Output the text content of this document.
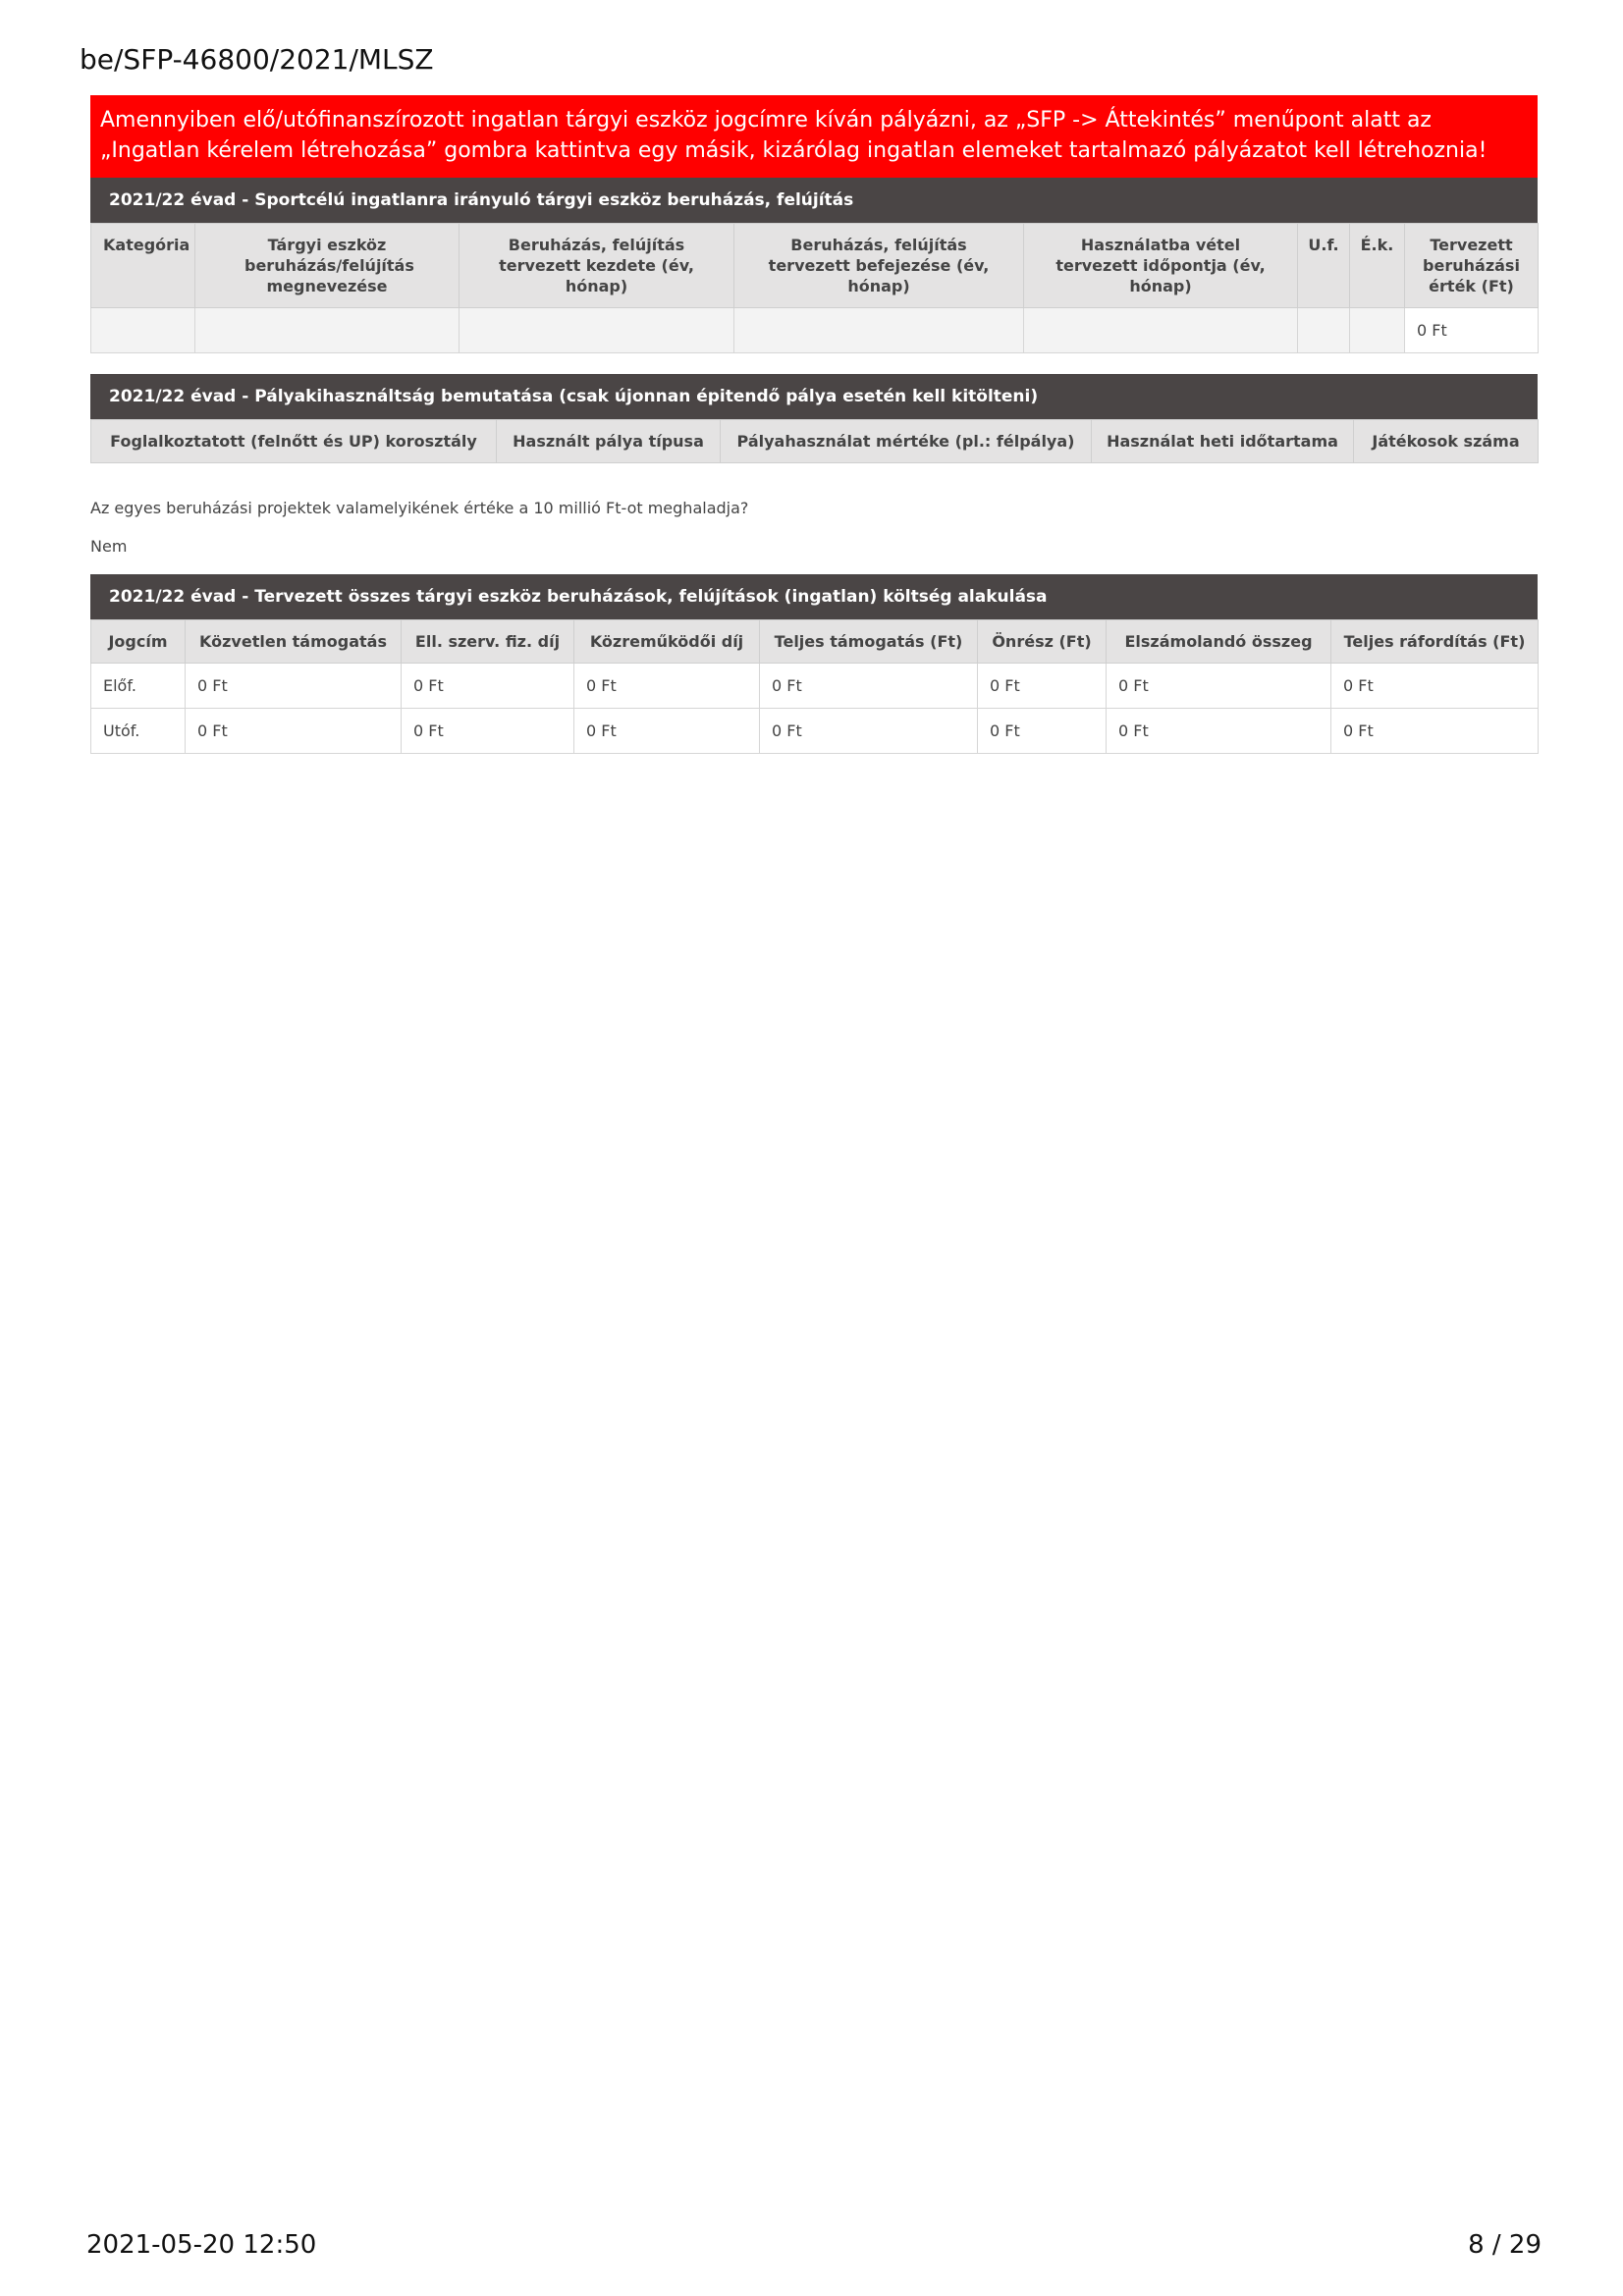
be/SFP-46800/2021/MLSZ
Amennyiben elő/utófinanszírozott ingatlan tárgyi eszköz jogcímre kíván pályázni, az „SFP -> Áttekintés” menűpont alatt az „Ingatlan kérelem létrehozása” gombra kattintva egy másik, kizárólag ingatlan elemeket tartalmazó pályázatot kell létrehoznia!
2021/22 évad - Sportcélú ingatlanra irányuló tárgyi eszköz beruházás, felújítás
Kategória	Tárgyi eszköz beruházás/felújítás megnevezése	Beruházás, felújítás tervezett kezdete (év, hónap)	Beruházás, felújítás tervezett befejezése (év, hónap)	Használatba vétel tervezett időpontja (év, hónap)	U.f.	É.k.	Tervezett beruházási érték (Ft)
							0 Ft
2021/22 évad - Pályakihasználtság bemutatása (csak újonnan épitendő pálya esetén kell kitölteni)
Foglalkoztatott (felnőtt és UP) korosztály	Használt pálya típusa	Pályahasználat mértéke (pl.: félpálya)	Használat heti időtartama	Játékosok száma
Az egyes beruházási projektek valamelyikének értéke a 10 millió Ft-ot meghaladja?
Nem
2021/22 évad - Tervezett összes tárgyi eszköz beruházások, felújítások (ingatlan) költség alakulása
Jogcím	Közvetlen támogatás	Ell. szerv. fiz. díj	Közreműködői díj	Teljes támogatás (Ft)	Önrész (Ft)	Elszámolandó összeg	Teljes ráfordítás (Ft)
Előf.	0 Ft	0 Ft	0 Ft	0 Ft	0 Ft	0 Ft	0 Ft
Utóf.	0 Ft	0 Ft	0 Ft	0 Ft	0 Ft	0 Ft	0 Ft
2021-05-20 12:50	8 / 29
